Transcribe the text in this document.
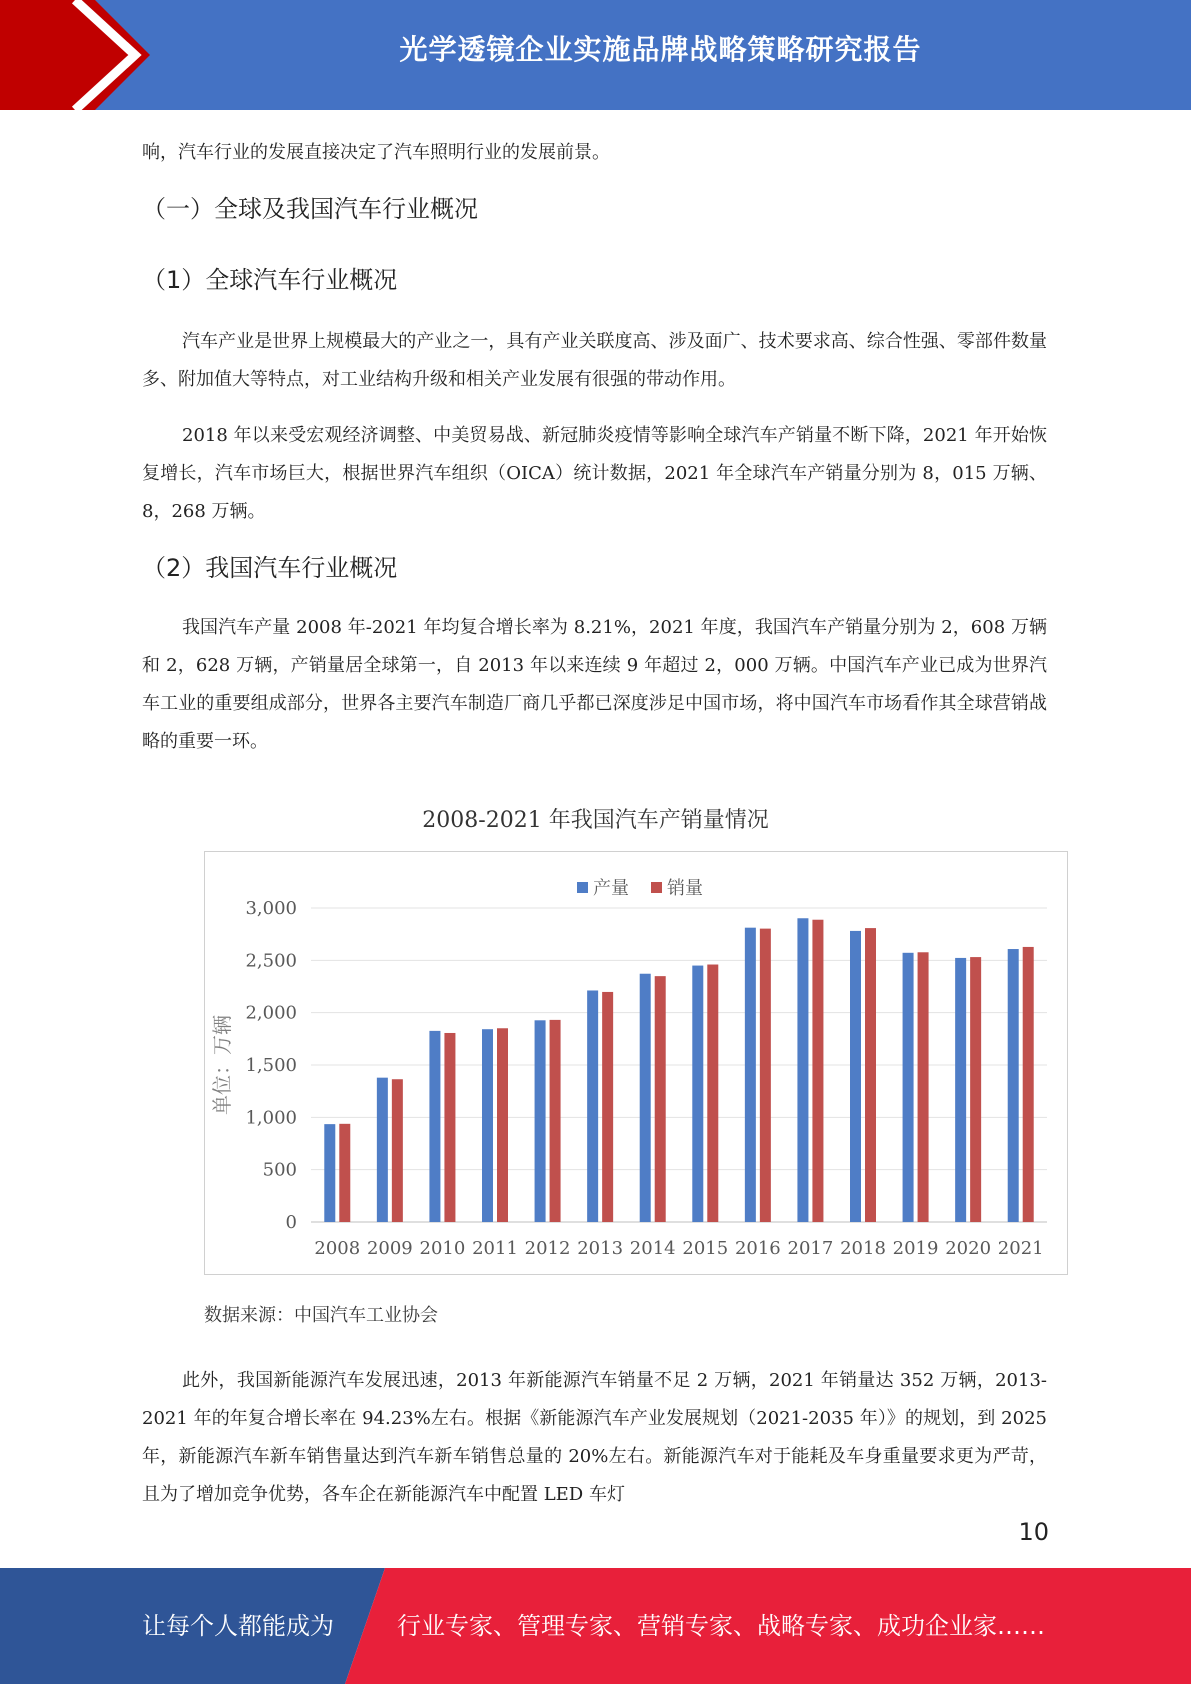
光学透镜企业实施品牌战略策略研究报告

响，汽车行业的发展直接决定了汽车照明行业的发展前景。

（一）全球及我国汽车行业概况

（1）全球汽车行业概况

汽车产业是世界上规模最大的产业之一，具有产业关联度高、涉及面广、技术要求高、综合性强、零部件数量多、附加值大等特点，对工业结构升级和相关产业发展有很强的带动作用。

2018 年以来受宏观经济调整、中美贸易战、新冠肺炎疫情等影响全球汽车产销量不断下降，2021 年开始恢复增长，汽车市场巨大，根据世界汽车组织（OICA）统计数据，2021 年全球汽车产销量分别为 8，015 万辆、8，268 万辆。

（2）我国汽车行业概况

我国汽车产量 2008 年-2021 年均复合增长率为 8.21%，2021 年度，我国汽车产销量分别为 2，608 万辆和 2，628 万辆，产销量居全球第一，自 2013 年以来连续 9 年超过 2，000 万辆。中国汽车产业已成为世界汽车工业的重要组成部分，世界各主要汽车制造厂商几乎都已深度涉足中国市场，将中国汽车市场看作其全球营销战略的重要一环。

2008-2021 年我国汽车产销量情况
0
500
1,000
1,500
2,000
2,500
3,000
单位：万辆
2008 2009 2010 2011 2012 2013 2014 2015 2016 2017 2018 2019 2020 2021
产量 销量
数据来源：中国汽车工业协会

此外，我国新能源汽车发展迅速，2013 年新能源汽车销量不足 2 万辆，2021 年销量达 352 万辆，2013-2021 年的年复合增长率在 94.23%左右。根据《新能源汽车产业发展规划（2021-2035 年）》的规划，到 2025 年，新能源汽车新车销售量达到汽车新车销售总量的 20%左右。新能源汽车对于能耗及车身重量要求更为严苛，且为了增加竞争优势，各车企在新能源汽车中配置 LED 车灯

10
让每个人都能成为	行业专家、管理专家、营销专家、战略专家、成功企业家……
